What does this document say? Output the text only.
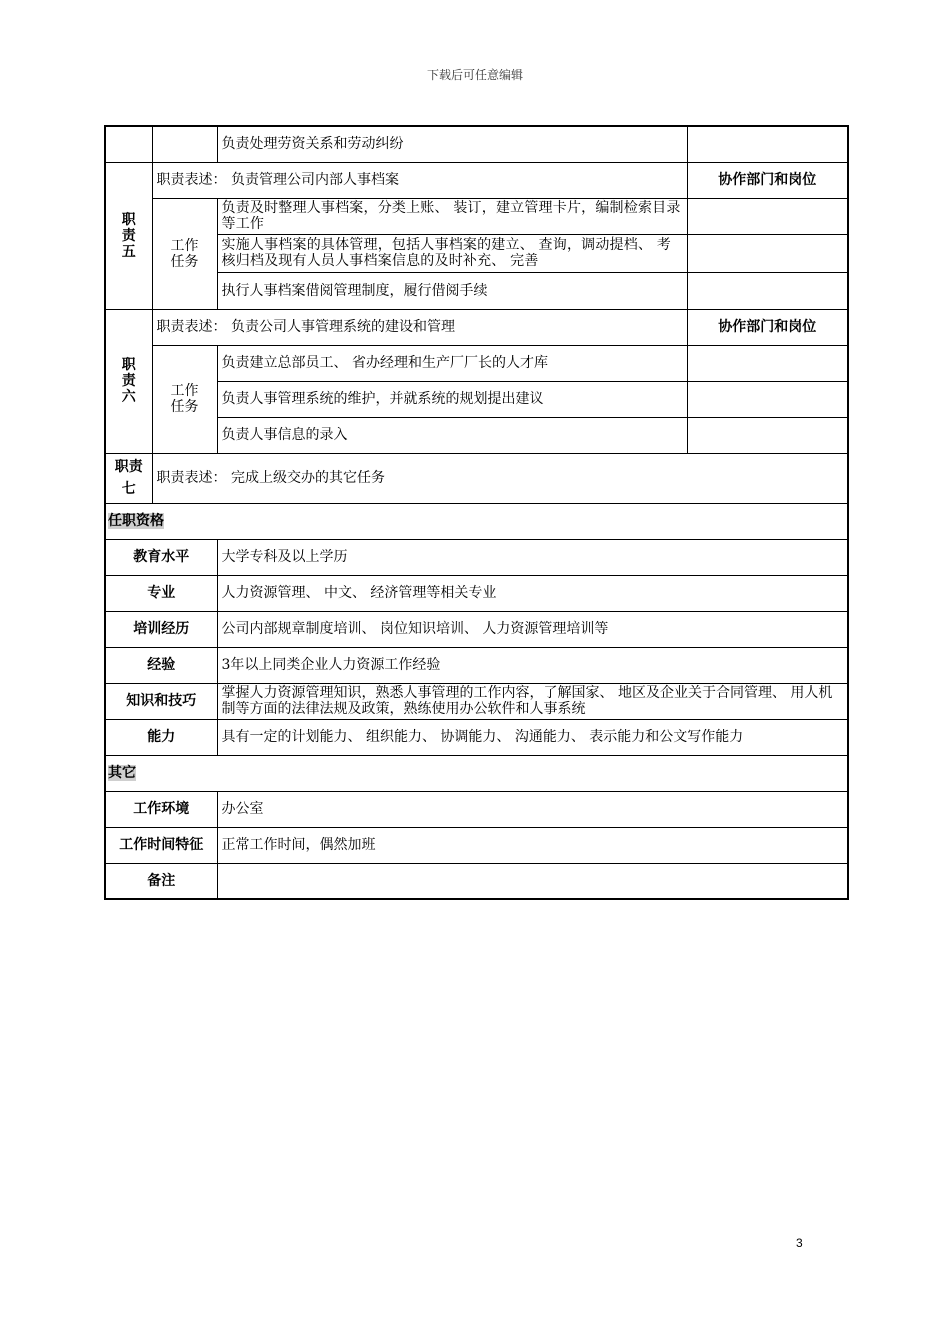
下载后可任意编辑
		负责处理劳资关系和劳动纠纷	

职责五	职责表述： 负责管理公司内部人事档案		协作部门和岗位

	工作任务	负责及时整理人事档案，分类上账、 装订，建立管理卡片，编制检索目录等工作	
		实施人事档案的具体管理，包括人事档案的建立、 查询，调动提档、 考核归档及现有人员人事档案信息的及时补充、 完善	
		执行人事档案借阅管理制度，履行借阅手续	

职责六	职责表述： 负责公司人事管理系统的建设和管理		协作部门和岗位

	工作任务	负责建立总部员工、 省办经理和生产厂厂长的人才库	
		负责人事管理系统的维护，并就系统的规划提出建议	
		负责人事信息的录入	

职责七	职责表述： 完成上级交办的其它任务		
任职资格			
教育水平		大学专科及以上学历	
专业		人力资源管理、 中文、 经济管理等相关专业	
培训经历		公司内部规章制度培训、 岗位知识培训、 人力资源管理培训等	
经验		3年以上同类企业人力资源工作经验	
知识和技巧		掌握人力资源管理知识，熟悉人事管理的工作内容，了解国家、 地区及企业关于合同管理、 用人机制等方面的法律法规及政策，熟练使用办公软件和人事系统	
能力		具有一定的计划能力、 组织能力、 协调能力、 沟通能力、 表示能力和公文写作能力	
其它			
工作环境		办公室	
工作时间特征		正常工作时间，偶然加班	
备注			
3
